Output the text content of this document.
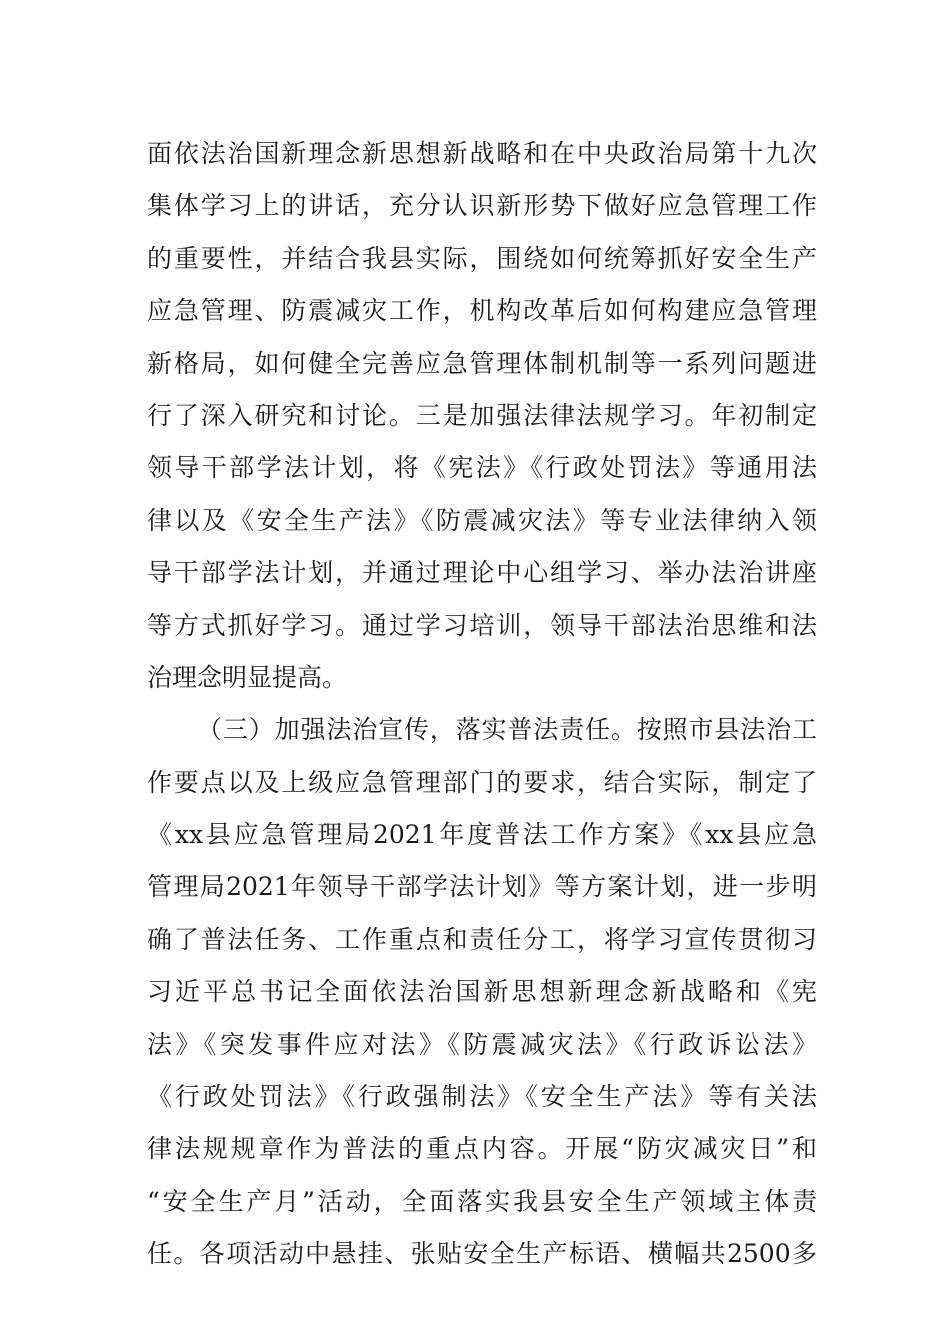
面依法治国新理念新思想新战略和在中央政治局第十九次
集体学习上的讲话，充分认识新形势下做好应急管理工作
的重要性，并结合我县实际，围绕如何统筹抓好安全生产
应急管理、防震减灾工作，机构改革后如何构建应急管理
新格局，如何健全完善应急管理体制机制等一系列问题进
行了深入研究和讨论。三是加强法律法规学习。年初制定
领导干部学法计划，将《宪法》《行政处罚法》等通用法
律以及《安全生产法》《防震减灾法》等专业法律纳入领
导干部学法计划，并通过理论中心组学习、举办法治讲座
等方式抓好学习。通过学习培训，领导干部法治思维和法
治理念明显提高。
（三）加强法治宣传，落实普法责任。按照市县法治工
作要点以及上级应急管理部门的要求，结合实际，制定了
《xx县应急管理局2021年度普法工作方案》《xx县应急
管理局2021年领导干部学法计划》等方案计划，进一步明
确了普法任务、工作重点和责任分工，将学习宣传贯彻习
习近平总书记全面依法治国新思想新理念新战略和《宪
法》《突发事件应对法》《防震减灾法》《行政诉讼法》
《行政处罚法》《行政强制法》《安全生产法》等有关法
律法规规章作为普法的重点内容。开展“防灾减灾日”和
“安全生产月”活动，全面落实我县安全生产领域主体责
任。各项活动中悬挂、张贴安全生产标语、横幅共2500多
